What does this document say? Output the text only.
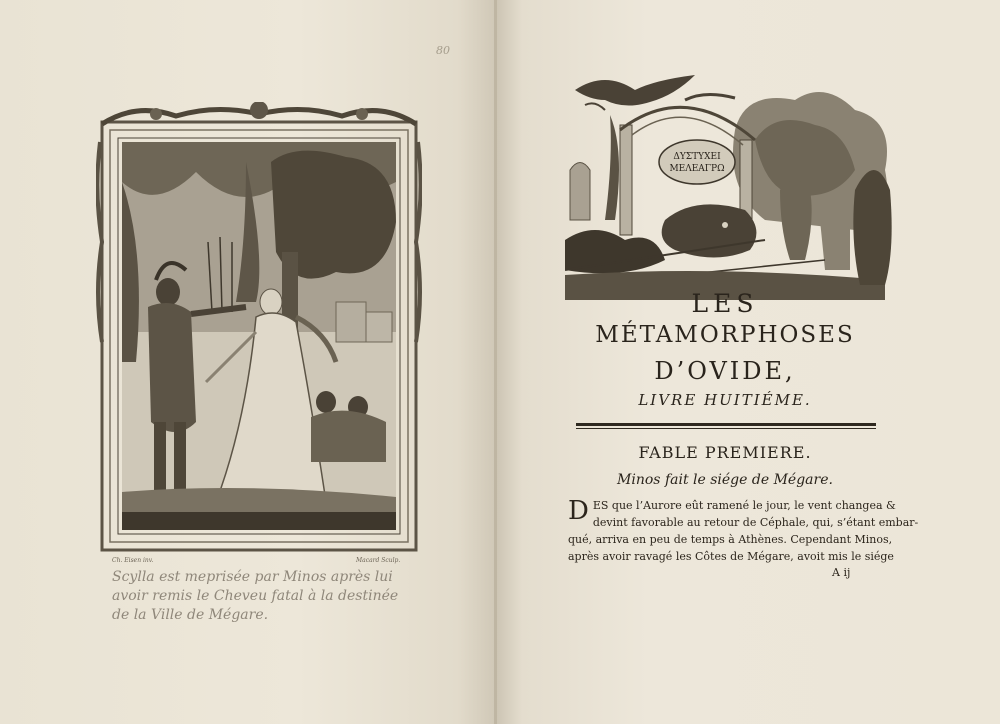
80
Ch. Eisen inv.	Macard Sculp.
Scylla est meprisée par Minos après lui
avoir remis le Cheveu fatal à la destinée
de la Ville de Mégare.
ΔΥΣΤΥΧΕΙ
ΜΕΛΕΑΓΡΩ
LES
MÉTAMORPHOSES
D’OVIDE,
LIVRE HUITIÉME.
FABLE PREMIERE.
Minos fait le siége de Mégare.
D ES que l’Aurore eût ramené le jour, le vent changea &
devint favorable au retour de Céphale, qui, s’étant embar-
qué, arriva en peu de temps à Athènes. Cependant Minos,
après avoir ravagé les Côtes de Mégare, avoit mis le siége
A ij
